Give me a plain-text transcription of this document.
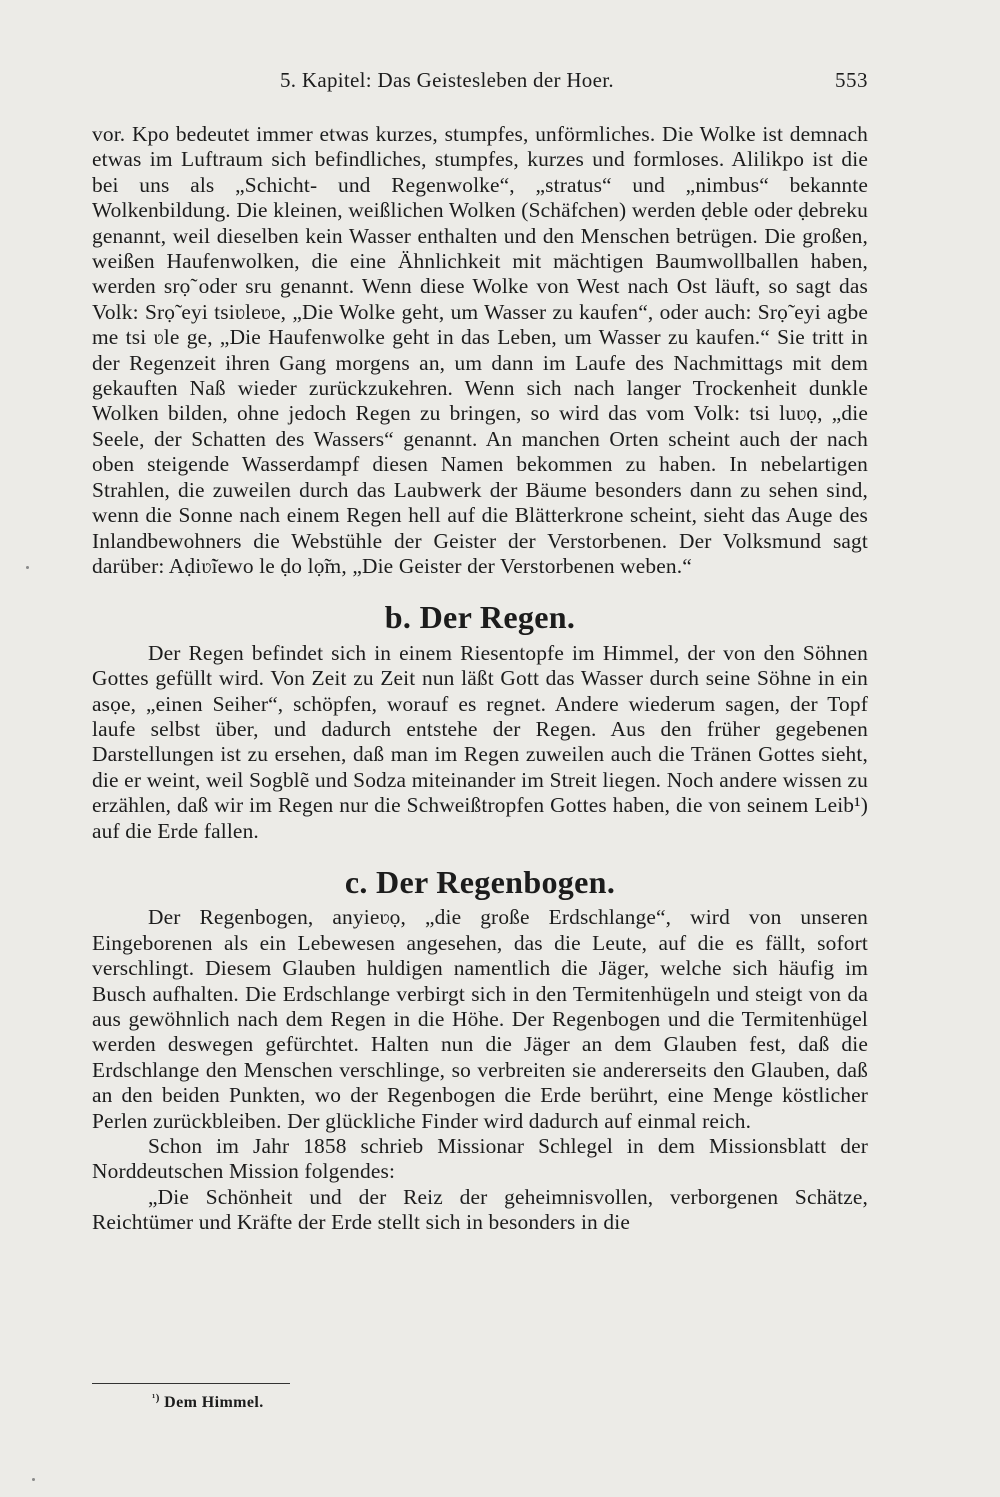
5. Kapitel: Das Geistesleben der Hoer.	553

vor. Kpo bedeutet immer etwas kurzes, stumpfes, unförmliches. Die Wolke ist demnach etwas im Luftraum sich befindliches, stumpfes, kurzes und formloses. Alilikpo ist die bei uns als „Schicht- und Regenwolke“, „stratus“ und „nimbus“ bekannte Wolkenbildung. Die kleinen, weißlichen Wolken (Schäfchen) werden ḍeble oder ḍebreku genannt, weil dieselben kein Wasser enthalten und den Menschen betrügen. Die großen, weißen Haufenwolken, die eine Ähnlichkeit mit mächtigen Baumwollballen haben, werden srọ̃ oder sru genannt. Wenn diese Wolke von West nach Ost läuft, so sagt das Volk: Srọ̃ eyi tsiʋleʋe, „Die Wolke geht, um Wasser zu kaufen“, oder auch: Srọ̃ eyi agbe me tsi ʋle ge, „Die Haufenwolke geht in das Leben, um Wasser zu kaufen.“ Sie tritt in der Regenzeit ihren Gang morgens an, um dann im Laufe des Nachmittags mit dem gekauften Naß wieder zurückzukehren. Wenn sich nach langer Trockenheit dunkle Wolken bilden, ohne jedoch Regen zu bringen, so wird das vom Volk: tsi luʋọ, „die Seele, der Schatten des Wassers“ genannt. An manchen Orten scheint auch der nach oben steigende Wasserdampf diesen Namen bekommen zu haben. In nebelartigen Strahlen, die zuweilen durch das Laubwerk der Bäume besonders dann zu sehen sind, wenn die Sonne nach einem Regen hell auf die Blätterkrone scheint, sieht das Auge des Inlandbewohners die Webstühle der Geister der Verstorbenen. Der Volksmund sagt darüber: Aḍiʋ̃iewo le ḍo lọ̃m, „Die Geister der Verstorbenen weben.“

b. Der Regen.

Der Regen befindet sich in einem Riesentopfe im Himmel, der von den Söhnen Gottes gefüllt wird. Von Zeit zu Zeit nun läßt Gott das Wasser durch seine Söhne in ein asọe, „einen Seiher“, schöpfen, worauf es regnet. Andere wiederum sagen, der Topf laufe selbst über, und dadurch entstehe der Regen. Aus den früher gegebenen Darstellungen ist zu ersehen, daß man im Regen zuweilen auch die Tränen Gottes sieht, die er weint, weil Sogblẽ und Sodza miteinander im Streit liegen. Noch andere wissen zu erzählen, daß wir im Regen nur die Schweißtropfen Gottes haben, die von seinem Leib¹) auf die Erde fallen.

c. Der Regenbogen.

Der Regenbogen, anyieʋọ, „die große Erdschlange“, wird von unseren Eingeborenen als ein Lebewesen angesehen, das die Leute, auf die es fällt, sofort verschlingt. Diesem Glauben huldigen namentlich die Jäger, welche sich häufig im Busch aufhalten. Die Erdschlange verbirgt sich in den Termitenhügeln und steigt von da aus gewöhnlich nach dem Regen in die Höhe. Der Regenbogen und die Termitenhügel werden deswegen gefürchtet. Halten nun die Jäger an dem Glauben fest, daß die Erdschlange den Menschen verschlinge, so verbreiten sie andererseits den Glauben, daß an den beiden Punkten, wo der Regenbogen die Erde berührt, eine Menge köstlicher Perlen zurückbleiben. Der glückliche Finder wird dadurch auf einmal reich.

Schon im Jahr 1858 schrieb Missionar Schlegel in dem Missionsblatt der Norddeutschen Mission folgendes:

„Die Schönheit und der Reiz der geheimnisvollen, verborgenen Schätze, Reichtümer und Kräfte der Erde stellt sich in besonders in die

$^{^1)}$ Dem Himmel.
